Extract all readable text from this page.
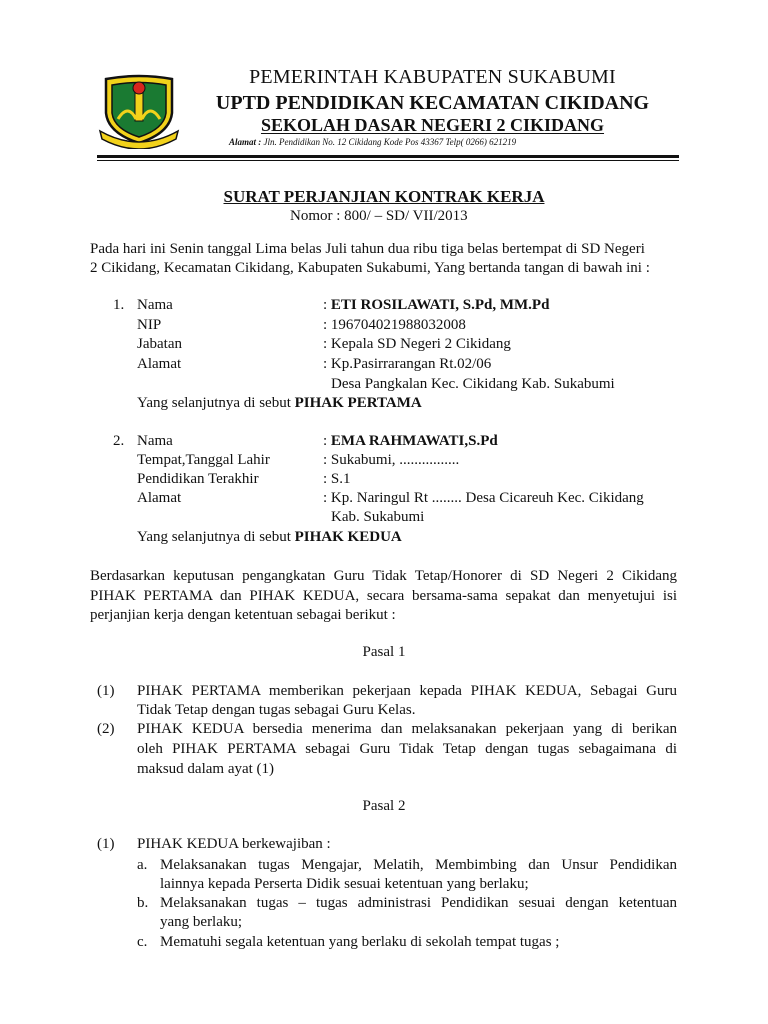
PEMERINTAH KABUPATEN SUKABUMI
UPTD PENDIDIKAN KECAMATAN CIKIDANG
SEKOLAH DASAR NEGERI 2 CIKIDANG
Alamat : Jln. Pendidikan No. 12 Cikidang Kode Pos 43367 Telp( 0266) 621219
SURAT PERJANJIAN KONTRAK KERJA
Nomor : 800/ – SD/ VII/2013
Pada hari ini Senin tanggal Lima belas Juli tahun dua ribu tiga belas bertempat di SD Negeri
2 Cikidang, Kecamatan Cikidang, Kabupaten Sukabumi, Yang bertanda tangan di bawah ini :
1. Nama	: ETI ROSILAWATI, S.Pd, MM.Pd
NIP	: 196704021988032008
Jabatan	: Kepala SD Negeri 2 Cikidang
Alamat	: Kp.Pasirrarangan Rt.02/06
Desa Pangkalan Kec. Cikidang Kab. Sukabumi
Yang selanjutnya di sebut PIHAK PERTAMA
2. Nama	: EMA RAHMAWATI,S.Pd
Tempat,Tanggal Lahir	: Sukabumi, ................
Pendidikan Terakhir	: S.1
Alamat	: Kp. Naringul Rt ........ Desa Cicareuh Kec. Cikidang
Kab. Sukabumi
Yang selanjutnya di sebut PIHAK KEDUA
Berdasarkan keputusan pengangkatan Guru Tidak Tetap/Honorer di SD Negeri 2 Cikidang
PIHAK PERTAMA dan PIHAK KEDUA, secara bersama-sama sepakat dan menyetujui isi
perjanjian kerja dengan ketentuan sebagai berikut :
Pasal 1
(1) PIHAK PERTAMA memberikan pekerjaan kepada PIHAK KEDUA, Sebagai Guru
Tidak Tetap dengan tugas sebagai Guru Kelas.
(2) PIHAK KEDUA bersedia menerima dan melaksanakan pekerjaan yang di berikan
oleh PIHAK PERTAMA sebagai Guru Tidak Tetap dengan tugas sebagaimana di
maksud dalam ayat (1)
Pasal 2
(1) PIHAK KEDUA berkewajiban :
a. Melaksanakan tugas Mengajar, Melatih, Membimbing dan Unsur Pendidikan
lainnya kepada Perserta Didik sesuai ketentuan yang berlaku;
b. Melaksanakan tugas – tugas administrasi Pendidikan sesuai dengan ketentuan
yang berlaku;
c. Mematuhi segala ketentuan yang berlaku di sekolah tempat tugas ;
